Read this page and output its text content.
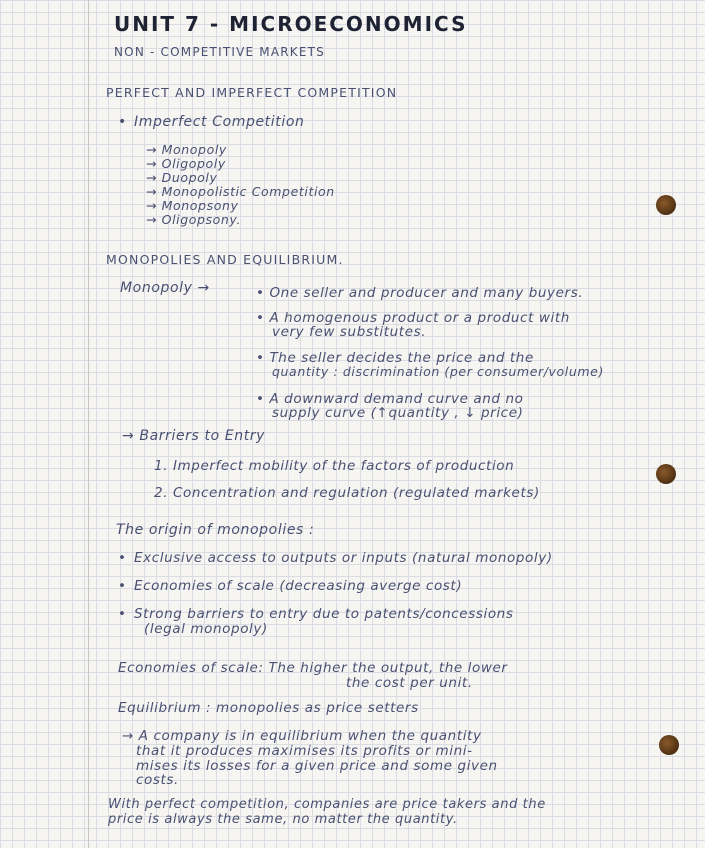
UNIT 7 - MICROECONOMICS
NON - COMPETITIVE MARKETS
PERFECT AND IMPERFECT COMPETITION
• Imperfect Competition
→ Monopoly
→ Oligopoly
→ Duopoly
→ Monopolistic Competition
→ Monopsony
→ Oligopsony.
MONOPOLIES AND EQUILIBRIUM.
Monopoly →	• One seller and producer and many buyers.
• A homogenous product or a product with
very few substitutes.
• The seller decides the price and the
quantity : discrimination (per consumer/volume)
• A downward demand curve and no
supply curve (↑quantity , ↓ price)
→ Barriers to Entry
1. Imperfect mobility of the factors of production
2. Concentration and regulation (regulated markets)
The origin of monopolies :
• Exclusive access to outputs or inputs (natural monopoly)
• Economies of scale (decreasing averge cost)
• Strong barriers to entry due to patents/concessions
(legal monopoly)
Economies of scale: The higher the output, the lower
the cost per unit.
Equilibrium : monopolies as price setters
→ A company is in equilibrium when the quantity
that it produces maximises its profits or mini-
mises its losses for a given price and some given
costs.
With perfect competition, companies are price takers and the
price is always the same, no matter the quantity.
